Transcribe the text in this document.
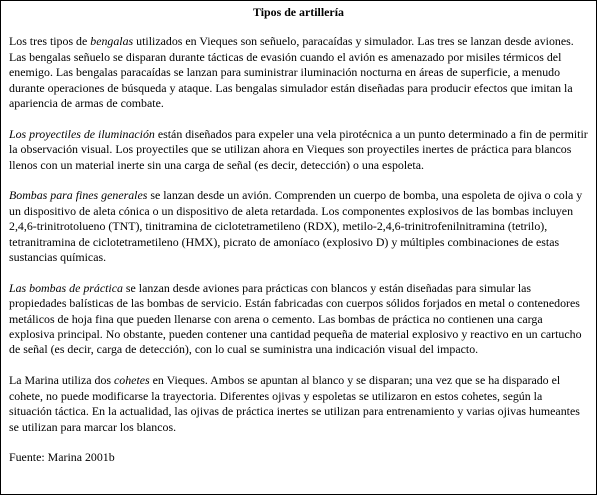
Tipos de artillería

Los tres tipos de bengalas utilizados en Vieques son señuelo, paracaídas y simulador. Las tres se lanzan desde aviones. Las bengalas señuelo se disparan durante tácticas de evasión cuando el avión es amenazado por misiles térmicos del enemigo. Las bengalas paracaídas se lanzan para suministrar iluminación nocturna en áreas de superficie, a menudo durante operaciones de búsqueda y ataque. Las bengalas simulador están diseñadas para producir efectos que imitan la apariencia de armas de combate.

Los proyectiles de iluminación están diseñados para expeler una vela pirotécnica a un punto determinado a fin de permitir la observación visual. Los proyectiles que se utilizan ahora en Vieques son proyectiles inertes de práctica para blancos llenos con un material inerte sin una carga de señal (es decir, detección) o una espoleta.

Bombas para fines generales se lanzan desde un avión. Comprenden un cuerpo de bomba, una espoleta de ojiva o cola y un dispositivo de aleta cónica o un dispositivo de aleta retardada. Los componentes explosivos de las bombas incluyen 2,4,6-trinitrotolueno (TNT), tinitramina de ciclotetrametileno (RDX), metilo-2,4,6-trinitrofenilnitramina (tetrilo), tetranitramina de ciclotetrametileno (HMX), picrato de amoníaco (explosivo D) y múltiples combinaciones de estas sustancias químicas.

Las bombas de práctica se lanzan desde aviones para prácticas con blancos y están diseñadas para simular las propiedades balísticas de las bombas de servicio. Están fabricadas con cuerpos sólidos forjados en metal o contenedores metálicos de hoja fina que pueden llenarse con arena o cemento. Las bombas de práctica no contienen una carga explosiva principal. No obstante, pueden contener una cantidad pequeña de material explosivo y reactivo en un cartucho de señal (es decir, carga de detección), con lo cual se suministra una indicación visual del impacto.

La Marina utiliza dos cohetes en Vieques. Ambos se apuntan al blanco y se disparan; una vez que se ha disparado el cohete, no puede modificarse la trayectoria. Diferentes ojivas y espoletas se utilizaron en estos cohetes, según la situación táctica. En la actualidad, las ojivas de práctica inertes se utilizan para entrenamiento y varias ojivas humeantes se utilizan para marcar los blancos.

Fuente: Marina 2001b
